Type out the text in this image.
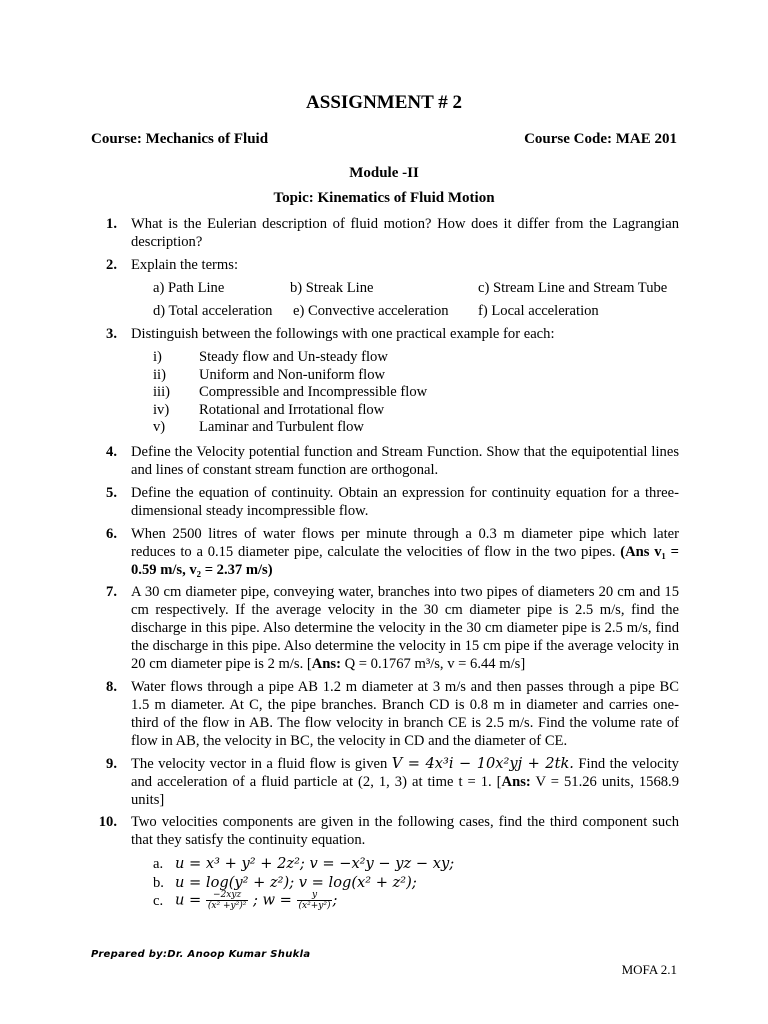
ASSIGNMENT # 2
Course: Mechanics of Fluid	Course Code: MAE 201
Module -II
Topic: Kinematics of Fluid Motion
1. What is the Eulerian description of fluid motion? How does it differ from the Lagrangian description?
2. Explain the terms:
a) Path Line	b) Streak Line	c) Stream Line and Stream Tube
d) Total acceleration e) Convective acceleration f) Local acceleration
3. Distinguish between the followings with one practical example for each:
i)	Steady flow and Un-steady flow
ii) Uniform and Non-uniform flow
iii) Compressible and Incompressible flow
iv) Rotational and Irrotational flow
v) Laminar and Turbulent flow
4. Define the Velocity potential function and Stream Function. Show that the equipotential lines and lines of constant stream function are orthogonal.
5. Define the equation of continuity. Obtain an expression for continuity equation for a three-dimensional steady incompressible flow.
6. When 2500 litres of water flows per minute through a 0.3 m diameter pipe which later reduces to a 0.15 diameter pipe, calculate the velocities of flow in the two pipes. (Ans v₁ = 0.59 m/s, v₂ = 2.37 m/s)
7. A 30 cm diameter pipe, conveying water, branches into two pipes of diameters 20 cm and 15 cm respectively. If the average velocity in the 30 cm diameter pipe is 2.5 m/s, find the discharge in this pipe. Also determine the velocity in the 30 cm diameter pipe is 2.5 m/s, find the discharge in this pipe. Also determine the velocity in 15 cm pipe if the average velocity in 20 cm diameter pipe is 2 m/s. [Ans: Q = 0.1767 m³/s, v = 6.44 m/s]
8. Water flows through a pipe AB 1.2 m diameter at 3 m/s and then passes through a pipe BC 1.5 m diameter. At C, the pipe branches. Branch CD is 0.8 m in diameter and carries one-third of the flow in AB. The flow velocity in branch CE is 2.5 m/s. Find the volume rate of flow in AB, the velocity in BC, the velocity in CD and the diameter of CE.
9. The velocity vector in a fluid flow is given V = 4x³i − 10x²yj + 2tk. Find the velocity and acceleration of a fluid particle at (2, 1, 3) at time t = 1. [Ans: V = 51.26 units, 1568.9 units]
10. Two velocities components are given in the following cases, find the third component such that they satisfy the continuity equation.
a. u = x³ + y² + 2z²; v = −x²y − yz − xy;
b. u = log(y² + z²); v = log(x² + z²);
c. $u = \frac{\text{−2xyz}}{\text{(x² +y²)²}}$ ; $w = \frac{y}{\text{(x²+y²)}}$ ;
Prepared by:Dr. Anoop Kumar Shukla
MOFA 2.1
